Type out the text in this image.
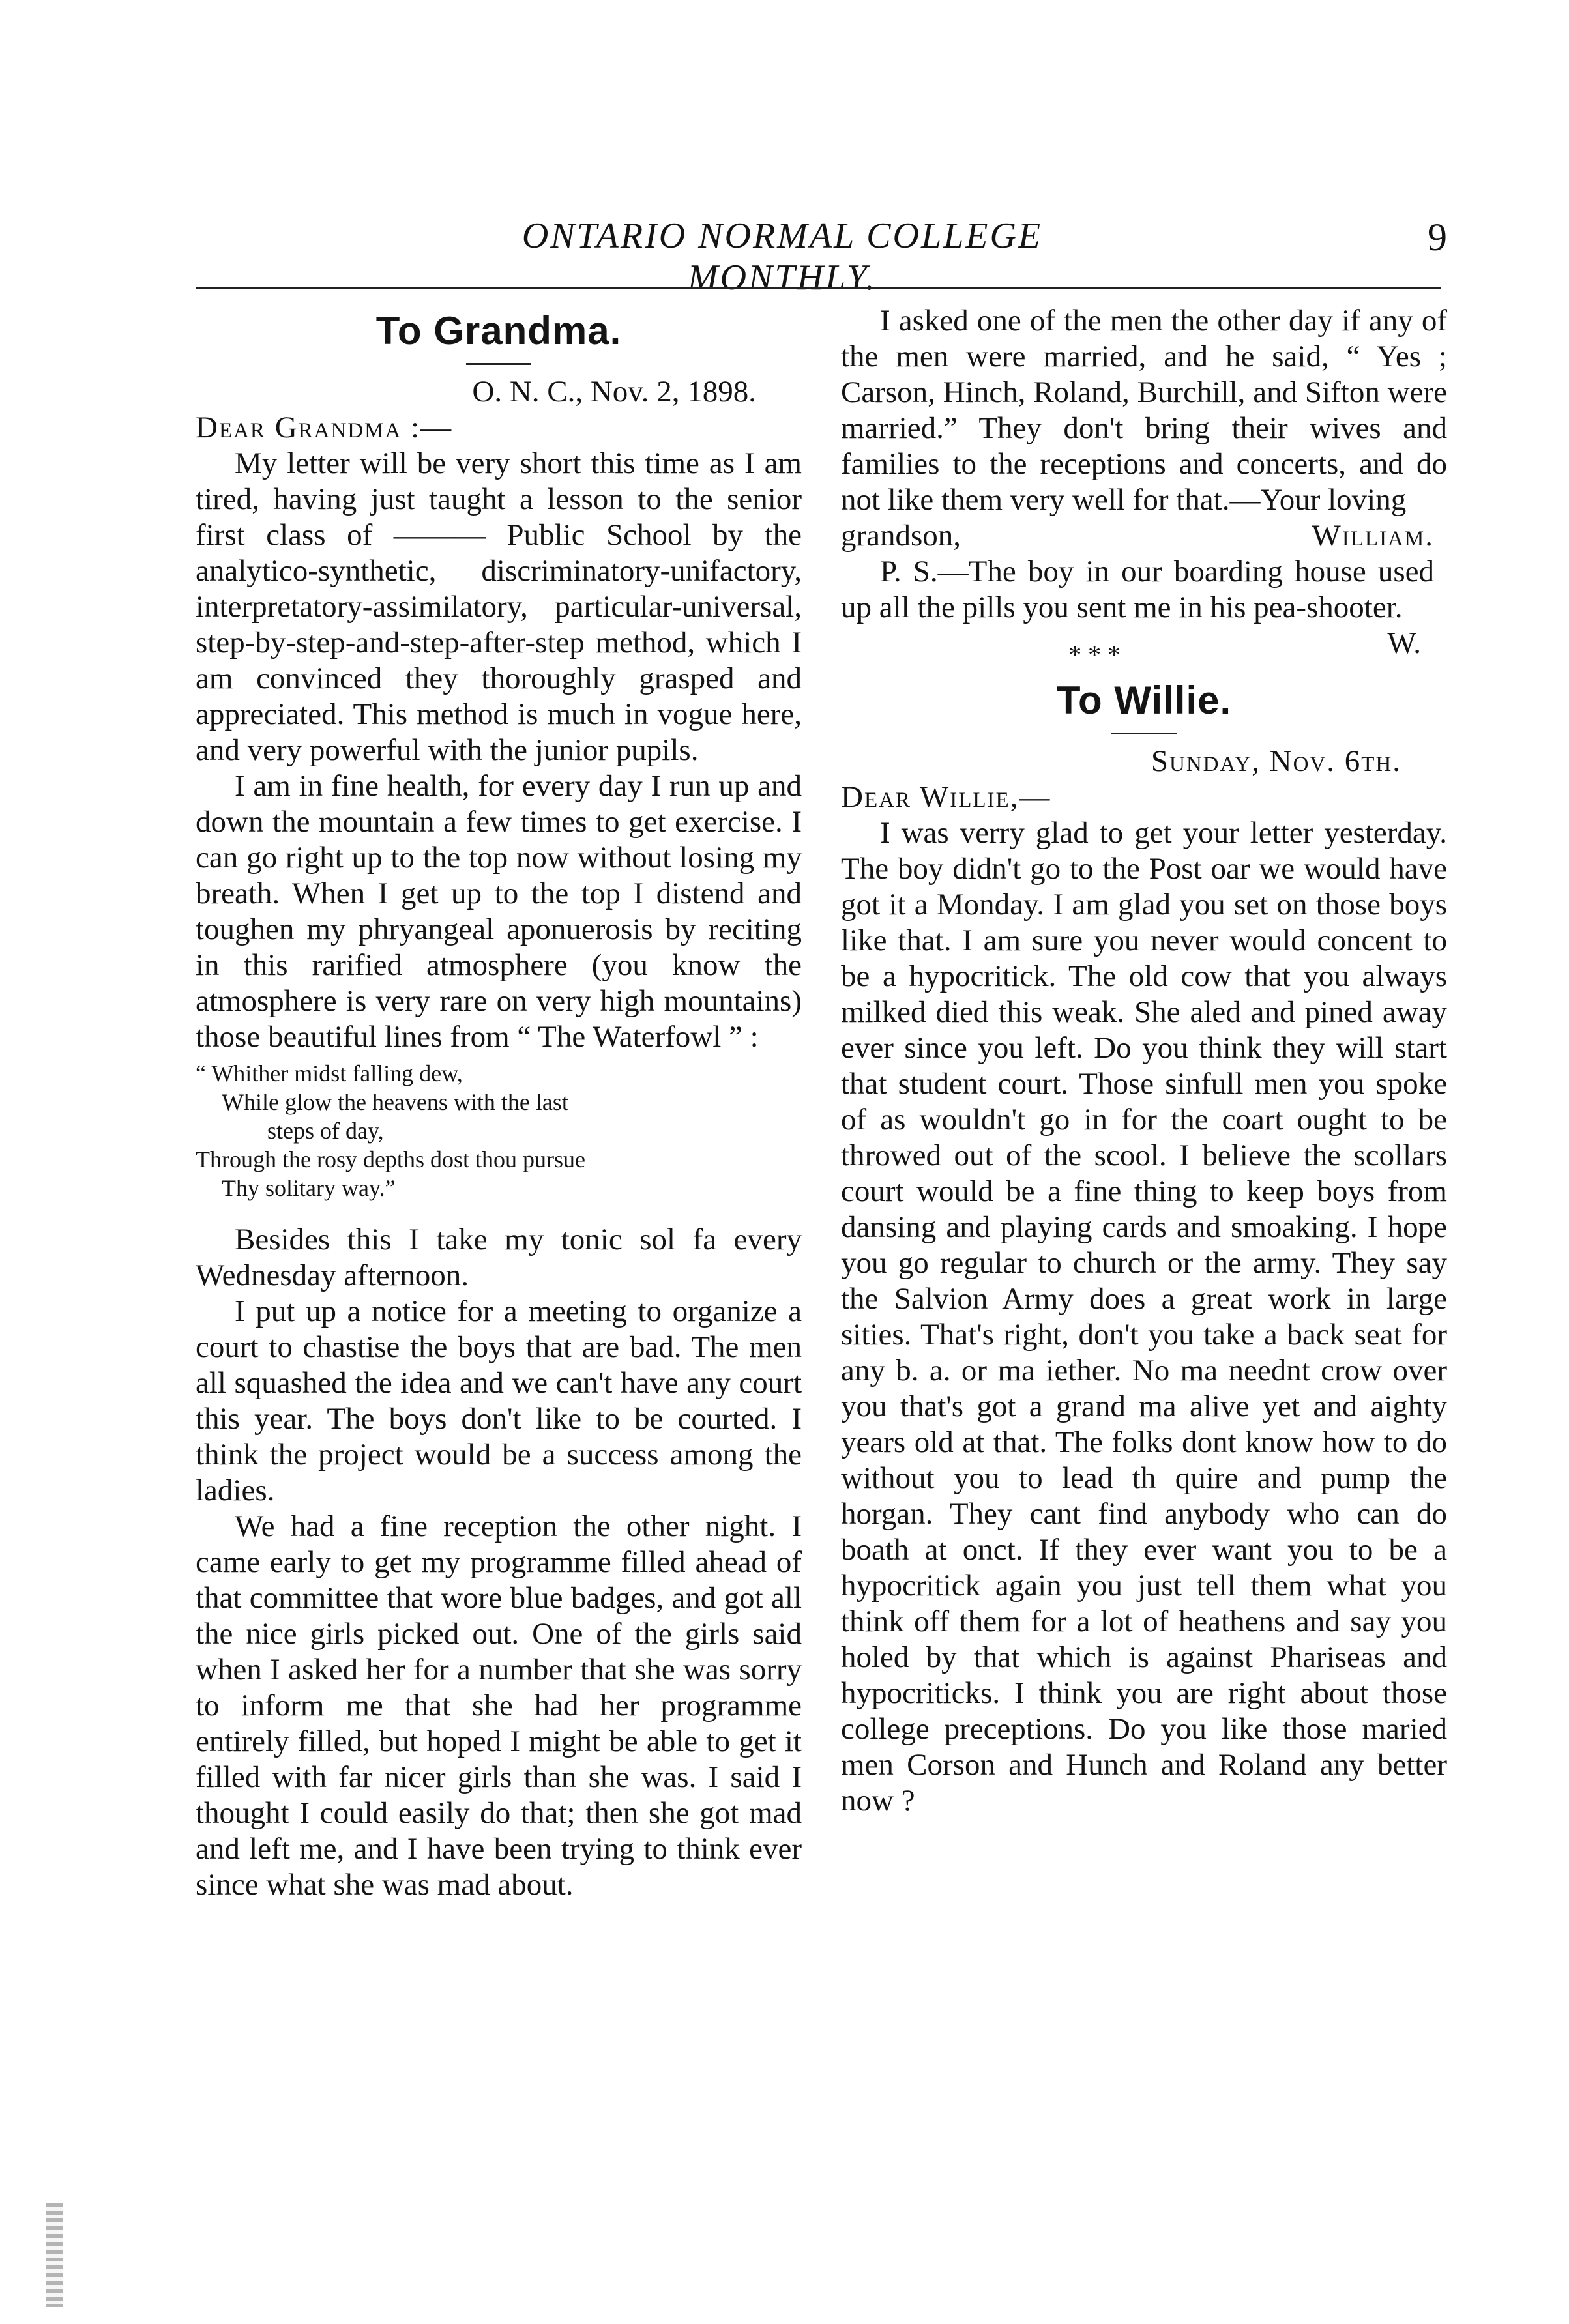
ONTARIO NORMAL COLLEGE MONTHLY.
9
To Grandma.

O. N. C., Nov. 2, 1898.

Dear Grandma :—

My letter will be very short this time as I am tired, having just taught a lesson to the senior first class of ——— Public School by the analytico-synthetic, discriminatory-unifactory, interpretatory-assimilatory, particular-universal, step-by-step-and-step-after-step method, which I am convinced they thoroughly grasped and appreciated. This method is much in vogue here, and very powerful with the junior pupils.

I am in fine health, for every day I run up and down the mountain a few times to get exercise. I can go right up to the top now without losing my breath. When I get up to the top I distend and toughen my phryangeal aponuerosis by reciting in this rarified atmosphere (you know the atmosphere is very rare on very high mountains) those beautiful lines from “ The Waterfowl ” :

“ Whither midst falling dew,
While glow the heavens with the last
steps of day,
Through the rosy depths dost thou pursue
Thy solitary way.”

Besides this I take my tonic sol fa every Wednesday afternoon.

I put up a notice for a meeting to organize a court to chastise the boys that are bad. The men all squashed the idea and we can't have any court this year. The boys don't like to be courted. I think the project would be a success among the ladies.

We had a fine reception the other night. I came early to get my programme filled ahead of that committee that wore blue badges, and got all the nice girls picked out. One of the girls said when I asked her for a number that she was sorry to inform me that she had her programme entirely filled, but hoped I might be able to get it filled with far nicer girls than she was. I said I thought I could easily do that; then she got mad and left me, and I have been trying to think ever since what she was mad about.

I asked one of the men the other day if any of the men were married, and he said, “ Yes ; Carson, Hinch, Roland, Burchill, and Sifton were married.” They don't bring their wives and families to the receptions and concerts, and do not like them very well for that.—Your loving

grandson,	William.

P. S.—The boy in our boarding house used up all the pills you sent me in his pea-shooter.
W.

* * *
To Willie.

Sunday, Nov. 6th.

Dear Willie,—

I was verry glad to get your letter yesterday. The boy didn't go to the Post oar we would have got it a Monday. I am glad you set on those boys like that. I am sure you never would concent to be a hypocritick. The old cow that you always milked died this weak. She aled and pined away ever since you left. Do you think they will start that student court. Those sinfull men you spoke of as wouldn't go in for the coart ought to be throwed out of the scool. I believe the scollars court would be a fine thing to keep boys from dansing and playing cards and smoaking. I hope you go regular to church or the army. They say the Salvion Army does a great work in large sities. That's right, don't you take a back seat for any b. a. or ma iether. No ma neednt crow over you that's got a grand ma alive yet and aighty years old at that. The folks dont know how to do without you to lead th quire and pump the horgan. They cant find anybody who can do boath at onct. If they ever want you to be a hypocritick again you just tell them what you think off them for a lot of heathens and say you holed by that which is against Phariseas and hypocriticks. I think you are right about those college preceptions. Do you like those maried men Corson and Hunch and Roland any better now ?
